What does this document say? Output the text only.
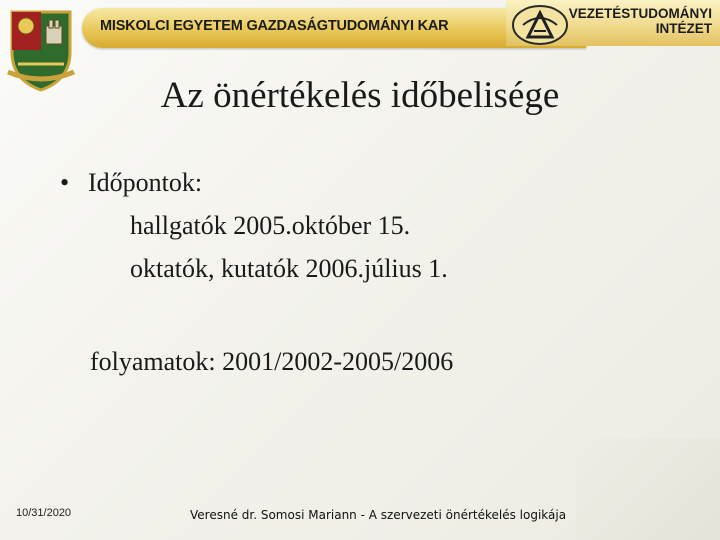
MISKOLCI EGYETEM GAZDASÁGTUDOMÁNYI KAR
VEZETÉSTUDOMÁNYI
INTÉZET
Az önértékelés időbelisége
• Időpontok:
hallgatók 2005.október 15.
oktatók, kutatók 2006.július 1.
folyamatok: 2001/2002-2005/2006
10/31/2020	Veresné dr. Somosi Mariann - A szervezeti önértékelés logikája
